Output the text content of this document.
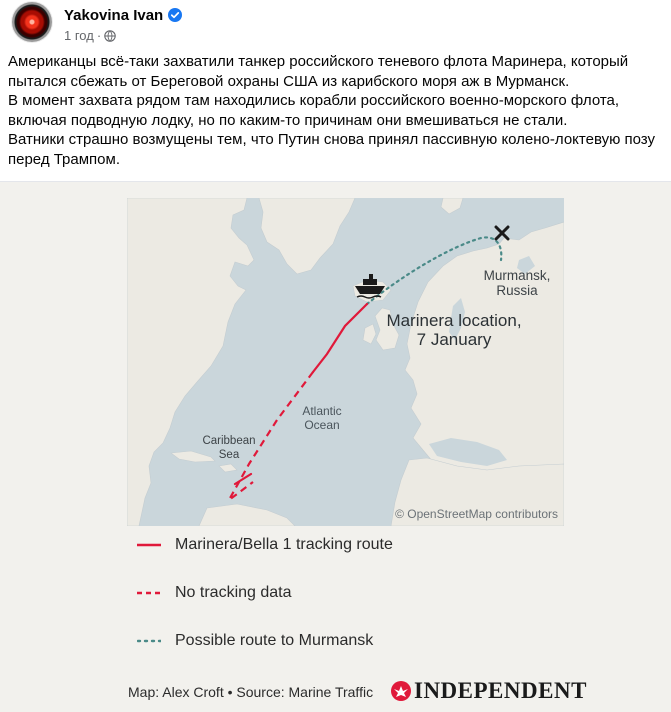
Yakovina Ivan
1 год ·

Американцы всё-таки захватили танкер российского теневого флота Маринера, который пытался сбежать от Береговой охраны США из карибского моря аж в Мурманск.

В момент захвата рядом там находились корабли российского военно-морского флота, включая подводную лодку, но по каким-то причинам они вмешиваться не стали.

Ватники страшно возмущены тем, что Путин снова принял пассивную колено-локтевую позу перед Трампом.

Murmansk,
Russia
Marinera location,
7 January
Atlantic
Ocean
Caribbean
Sea
© OpenStreetMap contributors
Marinera/Bella 1 tracking route
No tracking data
Possible route to Murmansk
Map: Alex Croft • Source: Marine Traffic INDEPENDENT
